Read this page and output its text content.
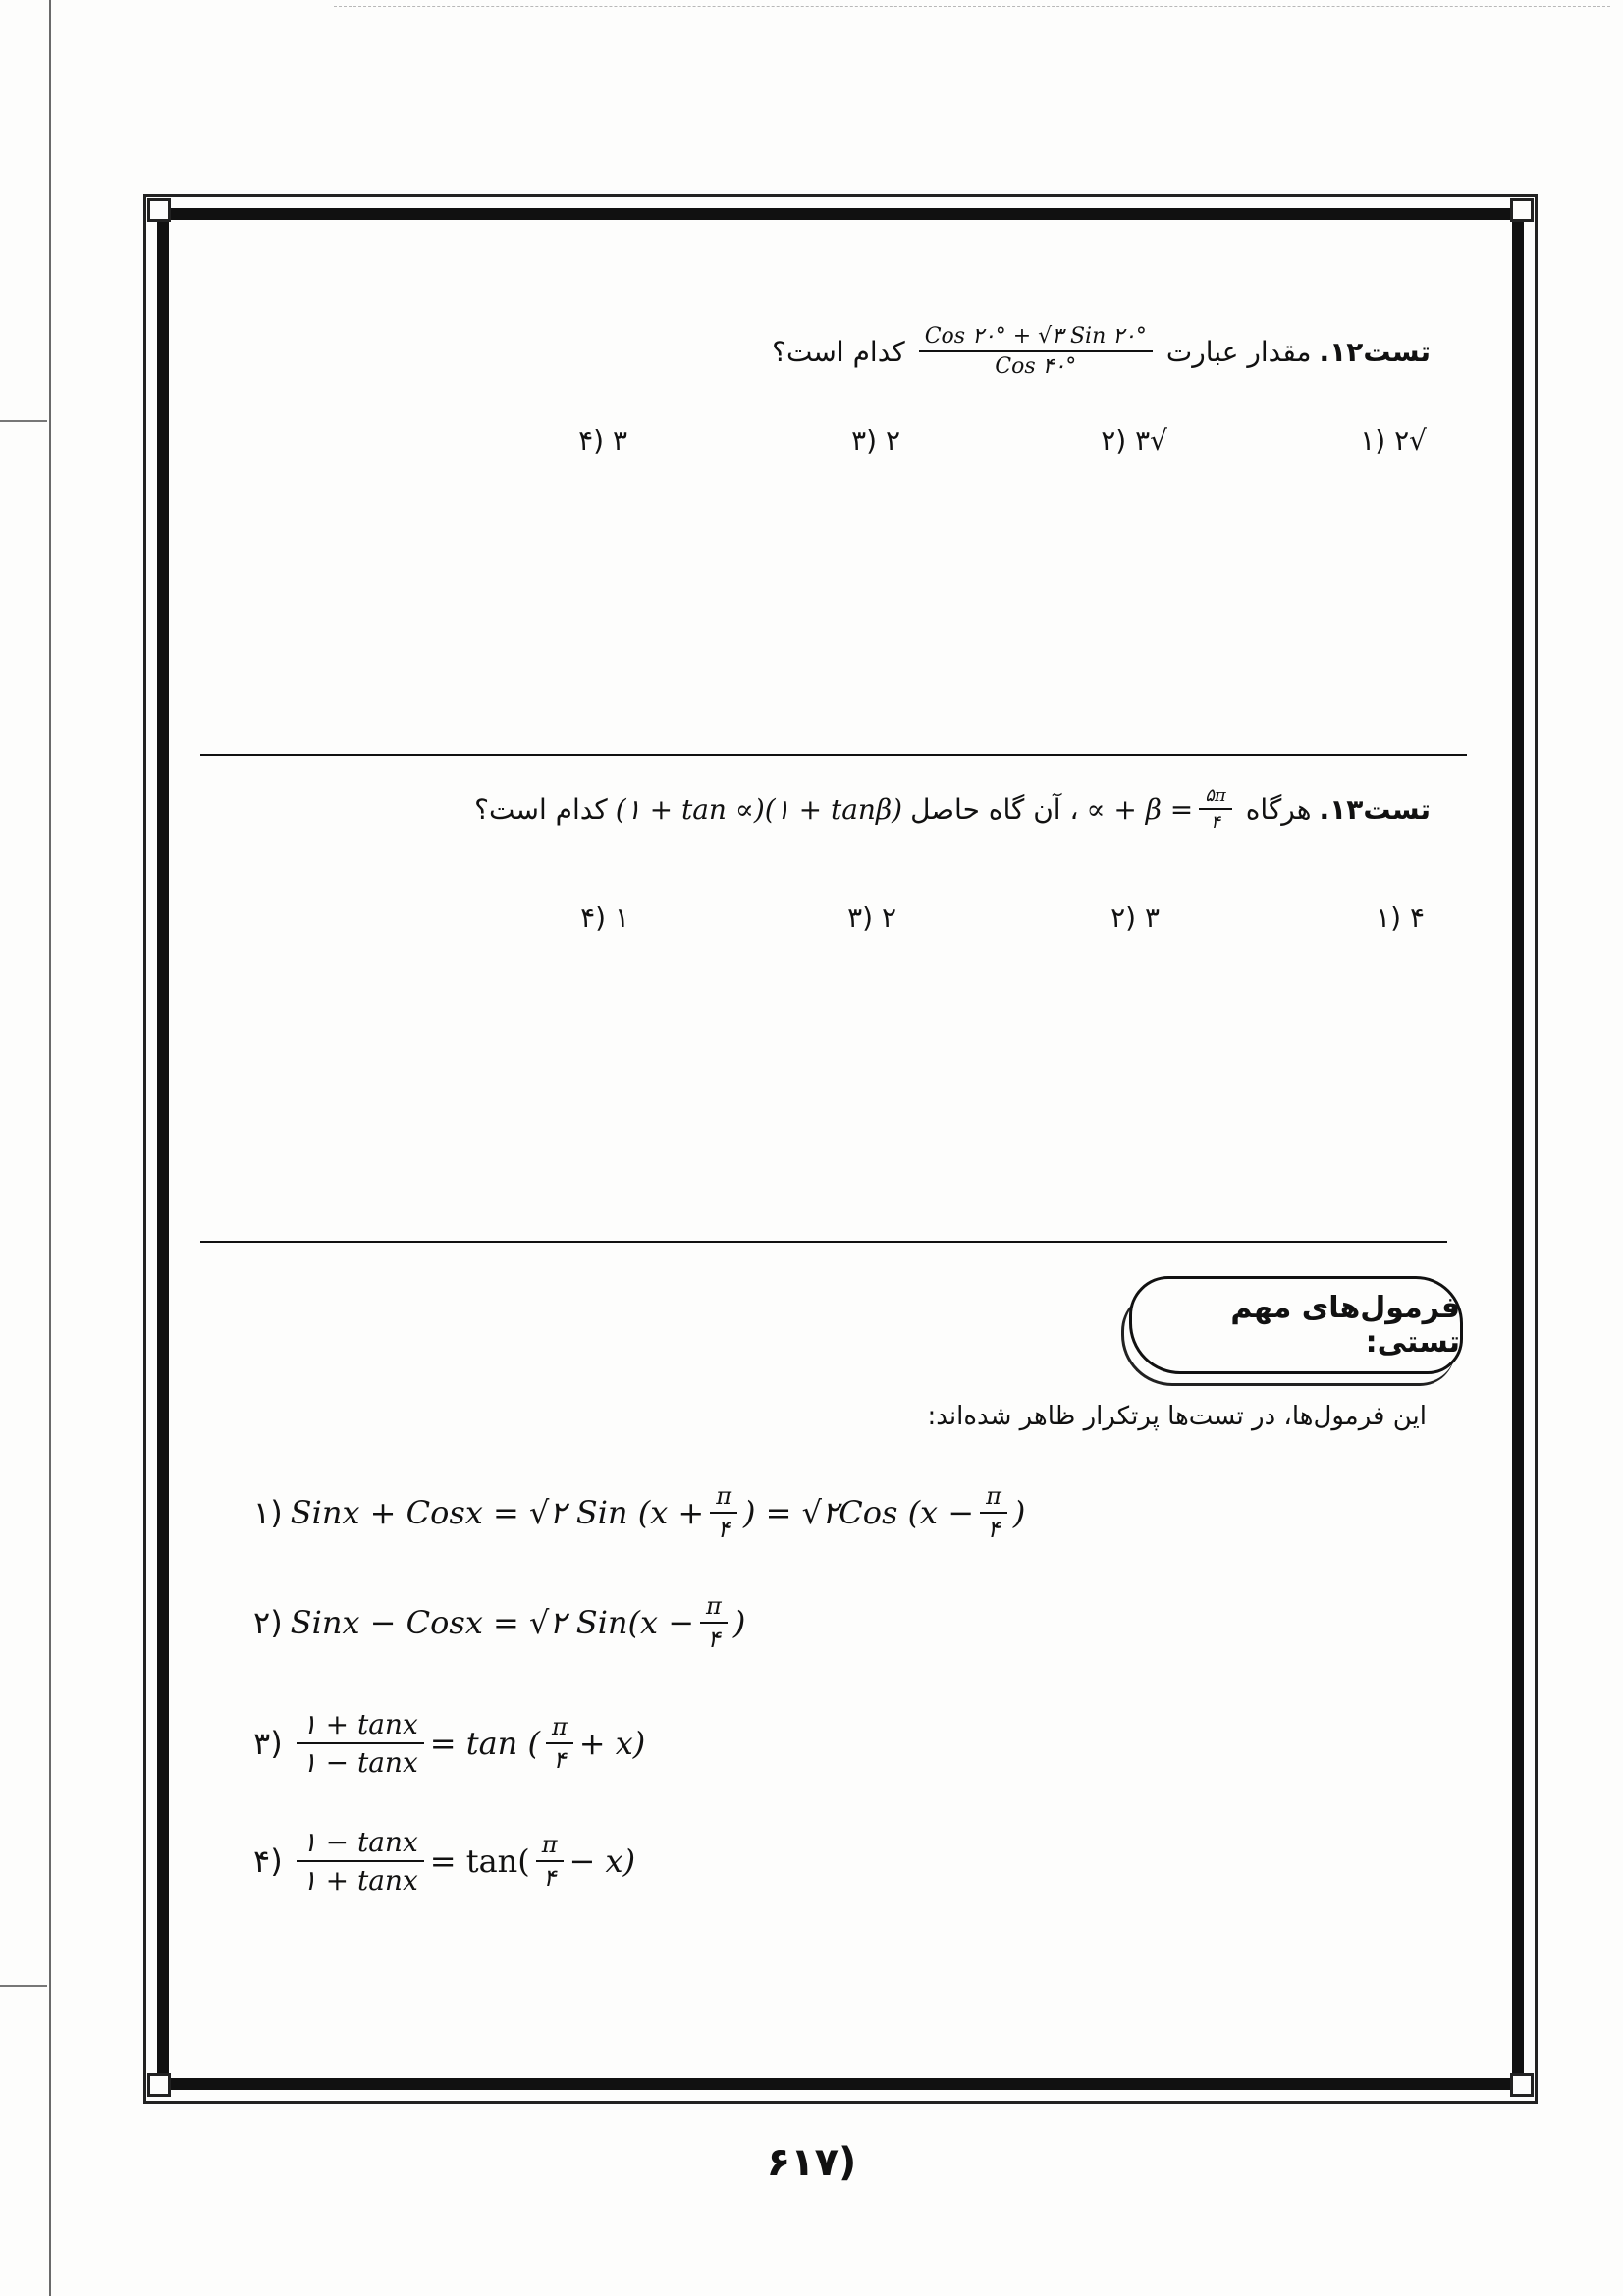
تست۱۲.
مقدار عبارت
$\frac{\text{Cos ۲۰° + √۳ Sin ۲۰°}}{\text{Cos ۴۰°}}$
کدام است؟
√۲ (۱
√۳ (۲
۲ (۳
۳ (۴
تست۱۳.
هرگاه
∝ + $\beta = \frac{۵\pi}{۴}$
، آن گاه حاصل
(۱ + tan ∝)(۱ + tanβ)
کدام است؟
۴ (۱
۳ (۲
۲ (۳
۱ (۴
فرمول‌های مهم تستی:
این فرمول‌ها، در تست‌ها پرتکرار ظاهر شده‌اند:
۱) Sinx + Cosx = √۲ Sin ($x + \frac{\pi}{۴}$ ) = √۲Cos ($x - \frac{\pi}{۴}$ )
۲) Sinx − Cosx = √۲ $Sin(x - \frac{\pi}{۴}$ )
۳) $\frac{۱ + \tan x}{۱ - \tan x} = \tan$ ( $\frac{\pi}{۴} + x$)
۴) $\frac{۱ - \tan x}{۱ + \tan x} = \tan( \frac{\pi}{۴} - x)$
۶۱۷)
